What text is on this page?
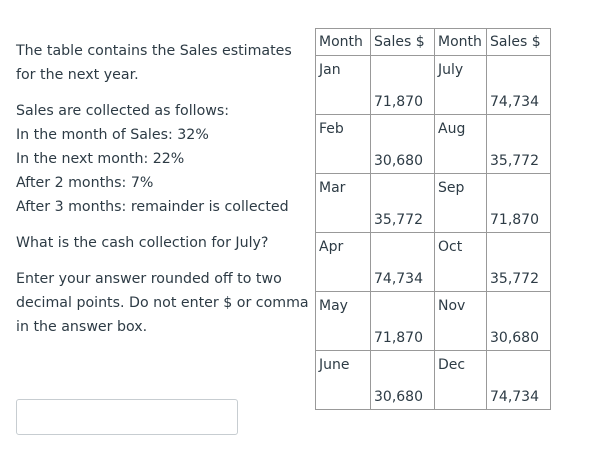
The table contains the Sales estimates for the next year.

Sales are collected as follows:

In the month of Sales: 32%

In the next month: 22%

After 2 months: 7%

After 3 months: remainder is collected

What is the cash collection for July?

Enter your answer rounded off to two decimal points. Do not enter $ or comma in the answer box.

Month	Sales $	Month	Sales $
Jan	71,870	July	74,734
Feb	30,680	Aug	35,772
Mar	35,772	Sep	71,870
Apr	74,734	Oct	35,772
May	71,870	Nov	30,680
June	30,680	Dec	74,734
